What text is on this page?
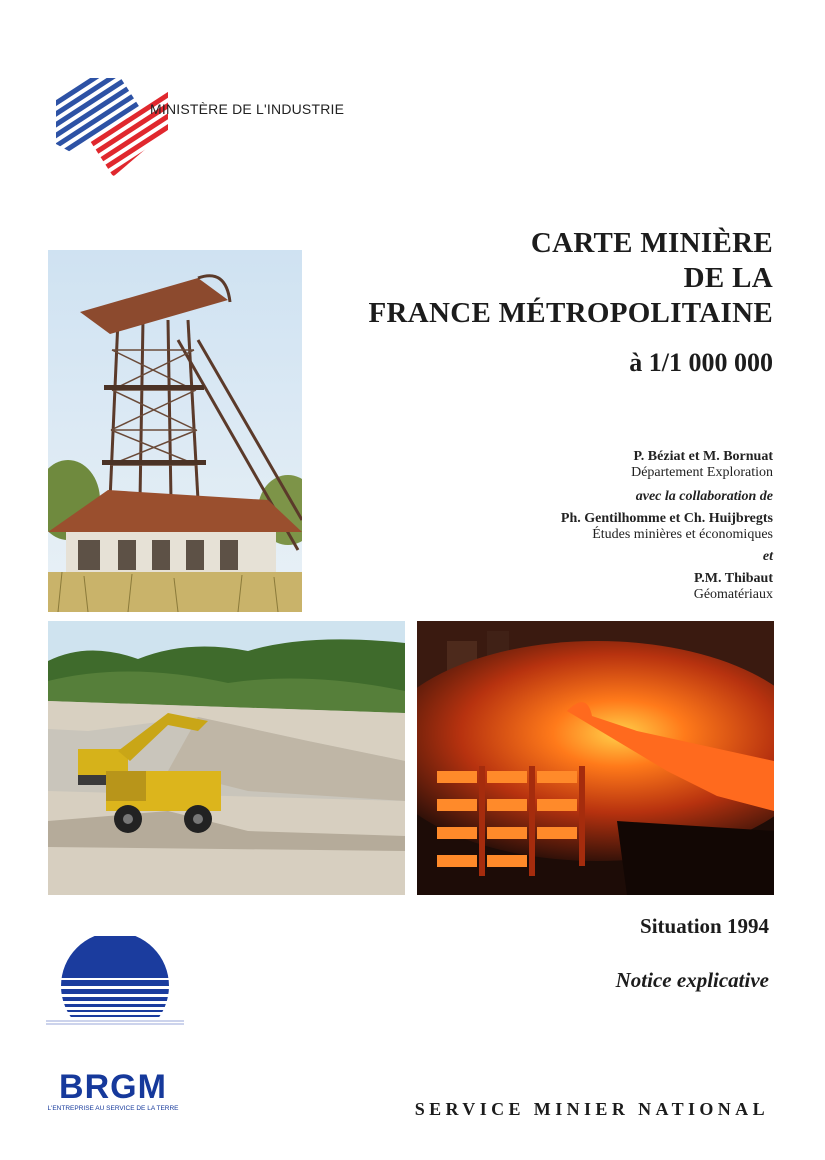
MINISTÈRE DE L'INDUSTRIE
CARTE MINIÈRE
DE LA
FRANCE MÉTROPOLITAINE
à 1/1 000 000
P. Béziat et M. Bornuat
Département Exploration
avec la collaboration de
Ph. Gentilhomme et Ch. Huijbregts
Études minières et économiques
et
P.M. Thibaut
Géomatériaux
Situation 1994
Notice explicative
BRGM
L'ENTREPRISE AU SERVICE DE LA TERRE	SERVICE MINIER NATIONAL
